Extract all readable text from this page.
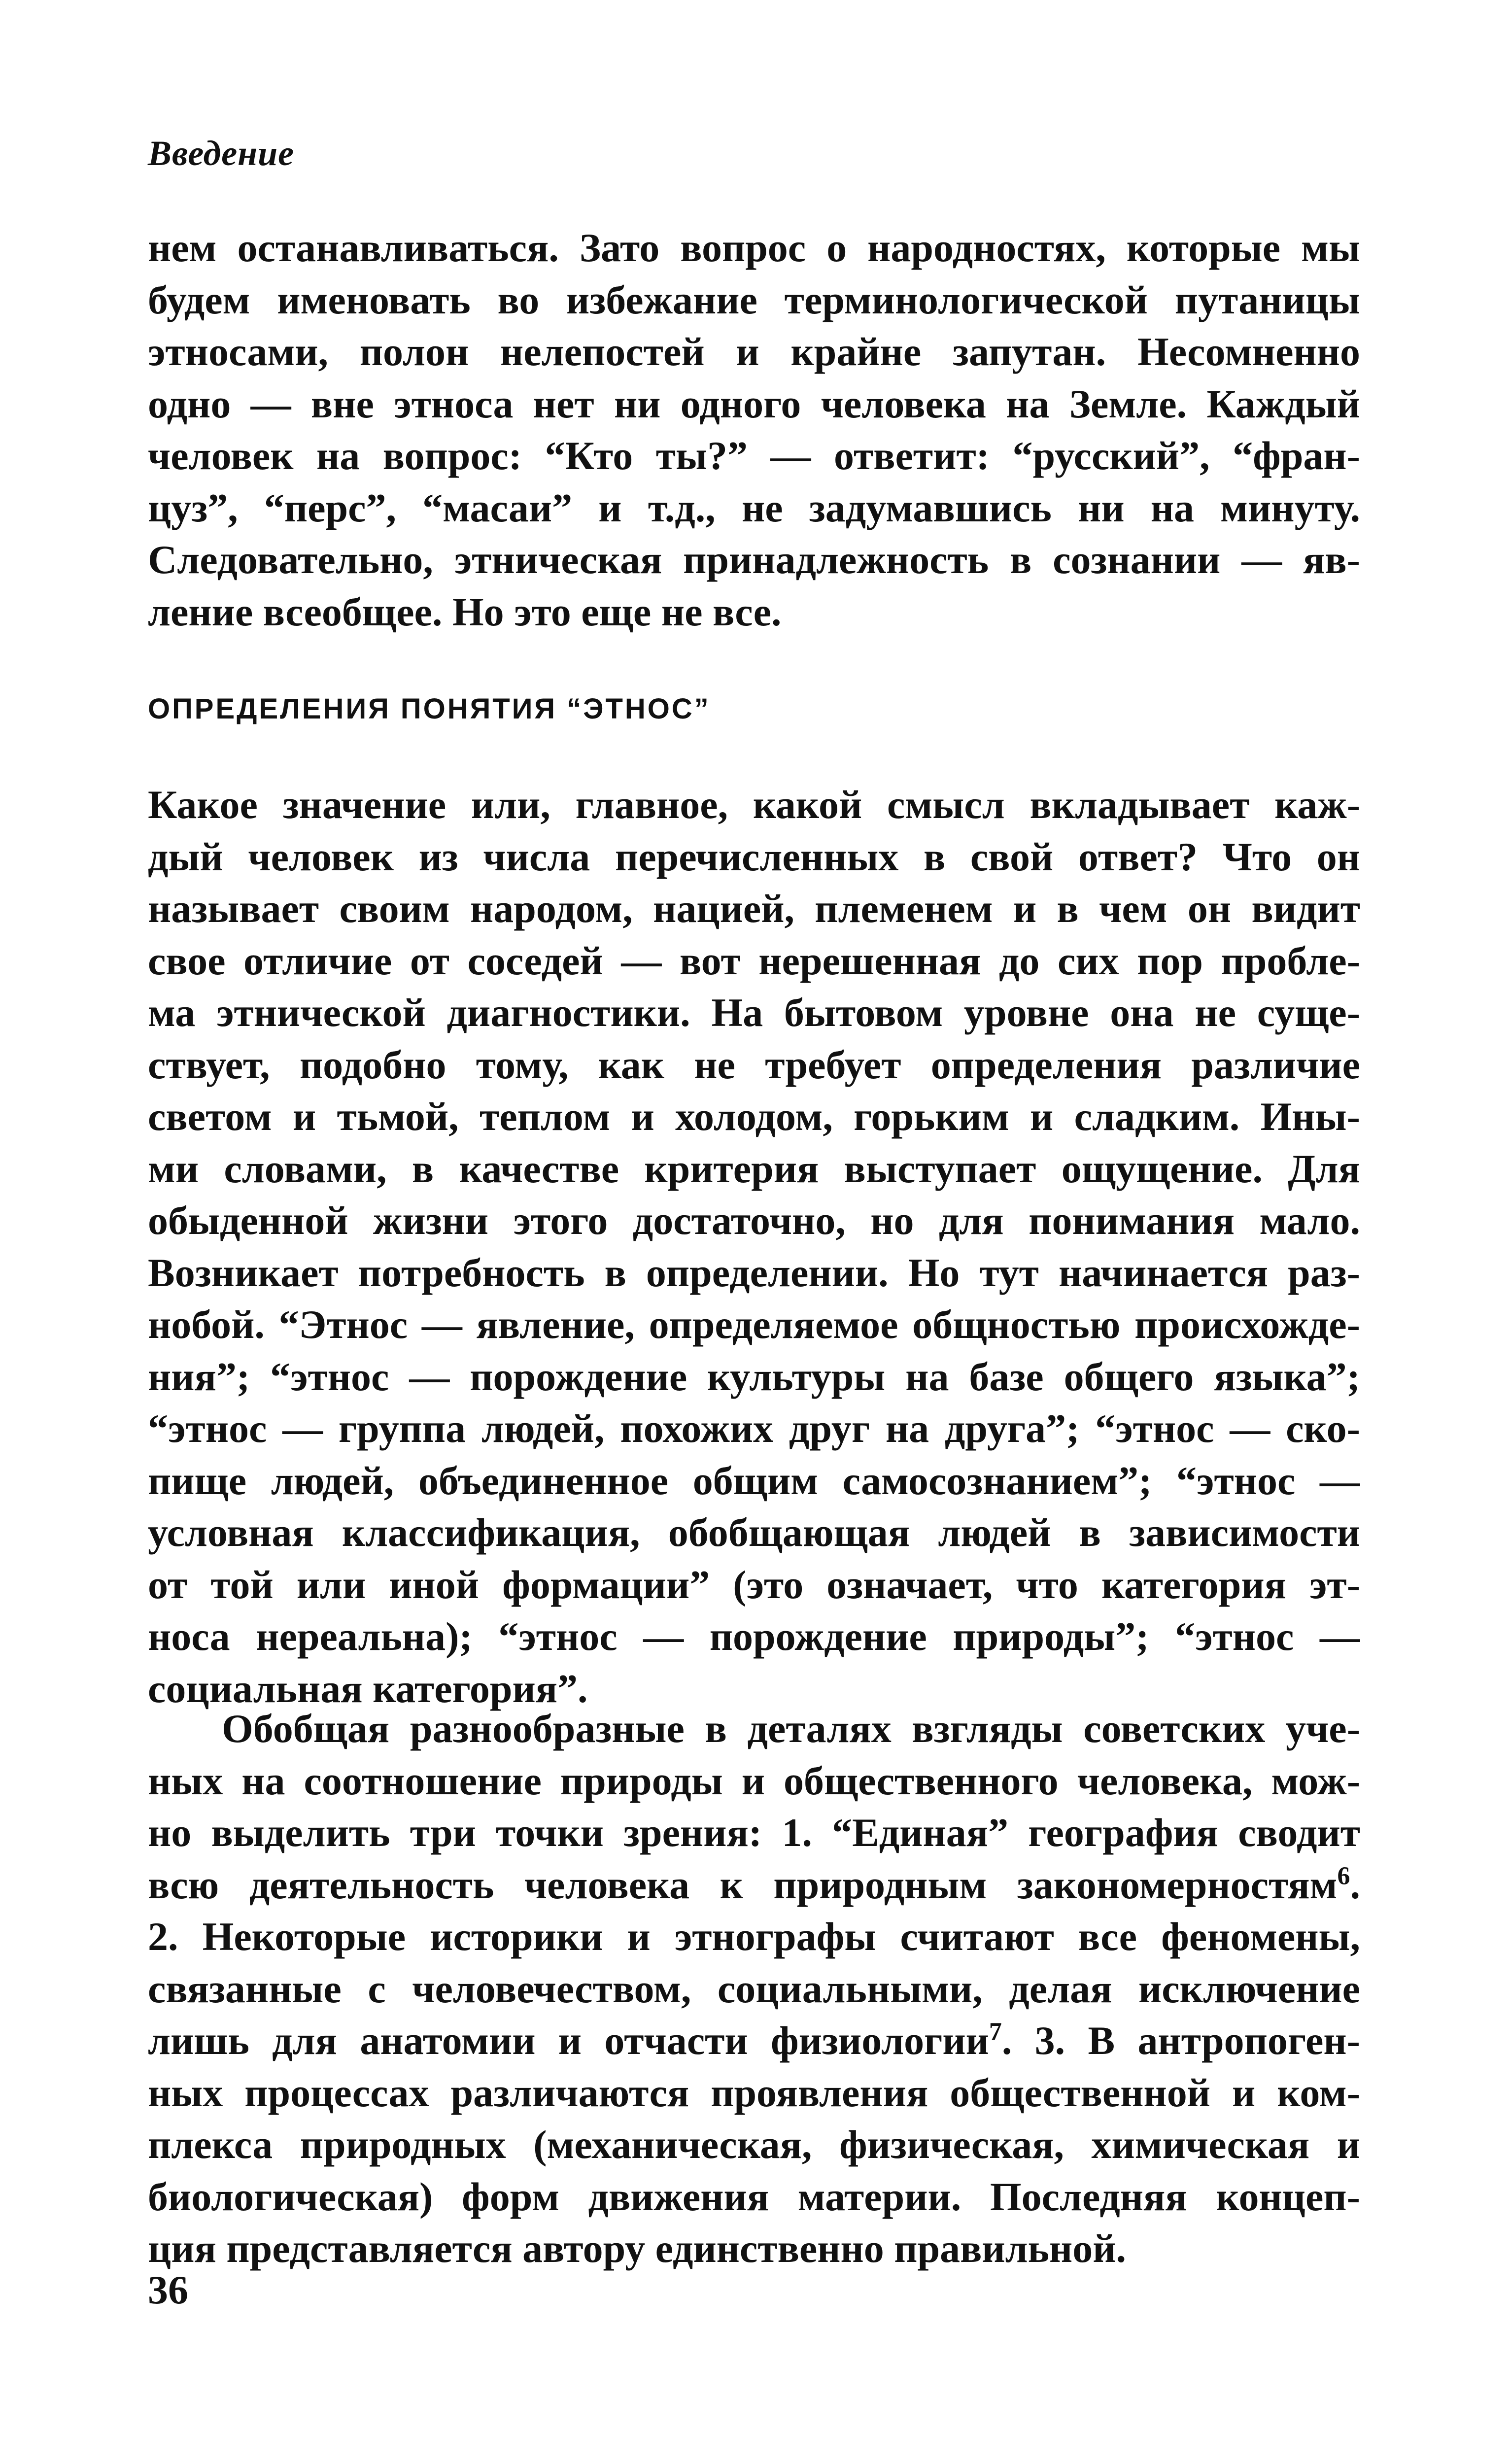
Введение

нем останавливаться. Зато вопрос о народностях, которые мы
будем именовать во избежание терминологической путаницы
этносами, полон нелепостей и крайне запутан. Несомненно
одно — вне этноса нет ни одного человека на Земле. Каждый
человек на вопрос: “Кто ты?” — ответит: “русский”, “фран-
цуз”, “перс”, “масаи” и т.д., не задумавшись ни на минуту.
Следовательно, этническая принадлежность в сознании — яв-
ление всеобщее. Но это еще не все.

ОПРЕДЕЛЕНИЯ ПОНЯТИЯ “ЭТНОС”

Какое значение или, главное, какой смысл вкладывает каж-
дый человек из числа перечисленных в свой ответ? Что он
называет своим народом, нацией, племенем и в чем он видит
свое отличие от соседей — вот нерешенная до сих пор пробле-
ма этнической диагностики. На бытовом уровне она не суще-
ствует, подобно тому, как не требует определения различие
светом и тьмой, теплом и холодом, горьким и сладким. Ины-
ми словами, в качестве критерия выступает ощущение. Для
обыденной жизни этого достаточно, но для понимания мало.
Возникает потребность в определении. Но тут начинается раз-
нобой. “Этнос — явление, определяемое общностью происхожде-
ния”; “этнос — порождение культуры на базе общего языка”;
“этнос — группа людей, похожих друг на друга”; “этнос — ско-
пище людей, объединенное общим самосознанием”; “этнос —
условная классификация, обобщающая людей в зависимости
от той или иной формации” (это означает, что категория эт-
носа нереальна); “этнос — порождение природы”; “этнос —
социальная категория”.

Обобщая разнообразные в деталях взгляды советских уче-
ных на соотношение природы и общественного человека, мож-
но выделить три точки зрения: 1. “Единая” география сводит
всю деятельность человека к природным закономерностям$^6$.
2. Некоторые историки и этнографы считают все феномены,
связанные с человечеством, социальными, делая исключение
лишь для анатомии и отчасти физиологии$^7$. 3. В антропоген-
ных процессах различаются проявления общественной и ком-
плекса природных (механическая, физическая, химическая и
биологическая) форм движения материи. Последняя концеп-
ция представляется автору единственно правильной.

36
